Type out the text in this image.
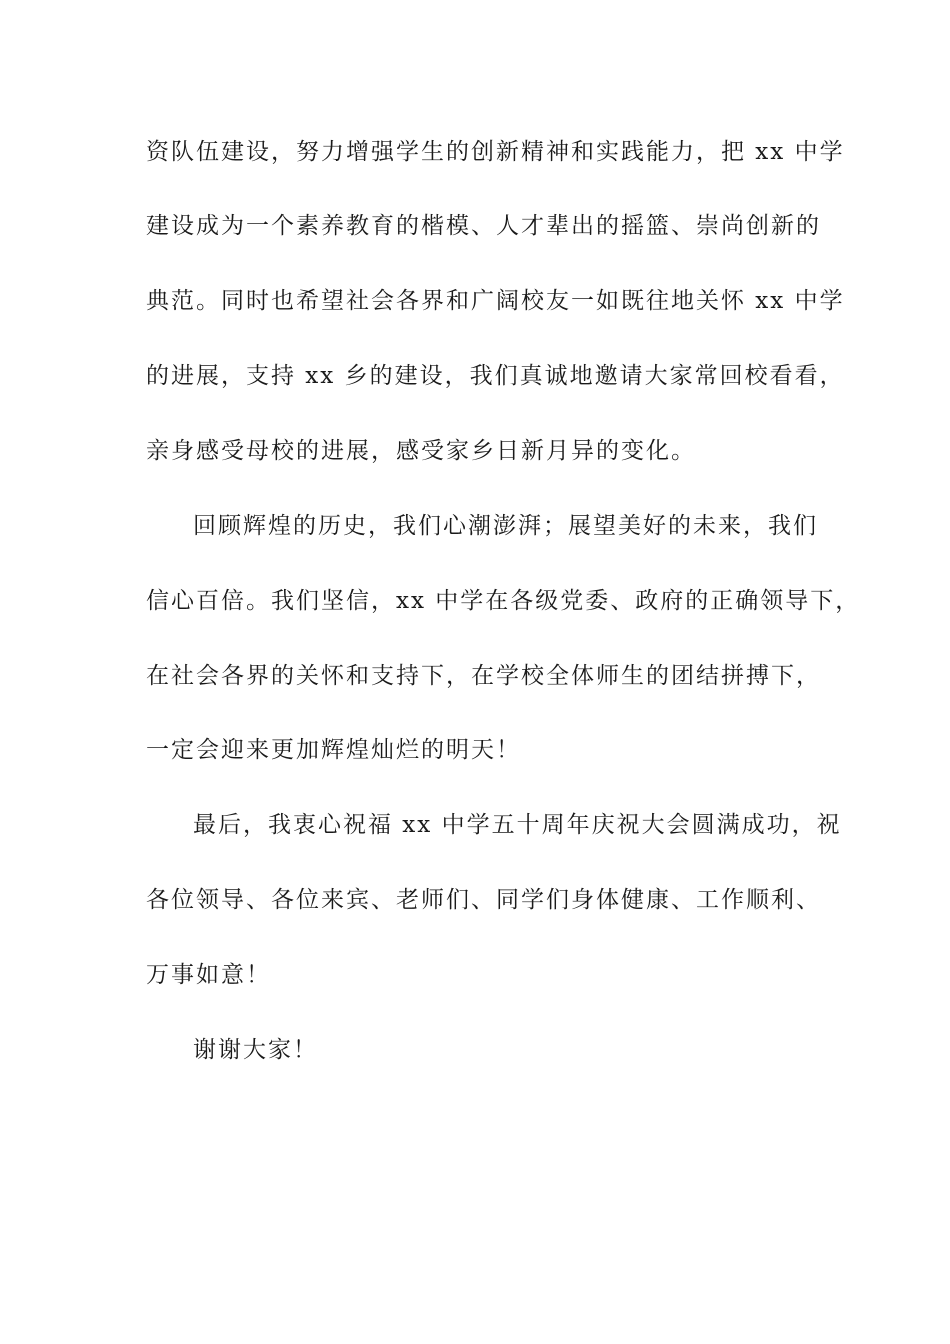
资队伍建设，努力增强学生的创新精神和实践能力，把 xx 中学
建设成为一个素养教育的楷模、人才辈出的摇篮、崇尚创新的
典范。同时也希望社会各界和广阔校友一如既往地关怀 xx 中学
的进展，支持 xx 乡的建设，我们真诚地邀请大家常回校看看，
亲身感受母校的进展，感受家乡日新月异的变化。
回顾辉煌的历史，我们心潮澎湃；展望美好的未来，我们
信心百倍。我们坚信，xx 中学在各级党委、政府的正确领导下，
在社会各界的关怀和支持下，在学校全体师生的团结拼搏下，
一定会迎来更加辉煌灿烂的明天！
最后，我衷心祝福 xx 中学五十周年庆祝大会圆满成功，祝
各位领导、各位来宾、老师们、同学们身体健康、工作顺利、
万事如意！
谢谢大家！
